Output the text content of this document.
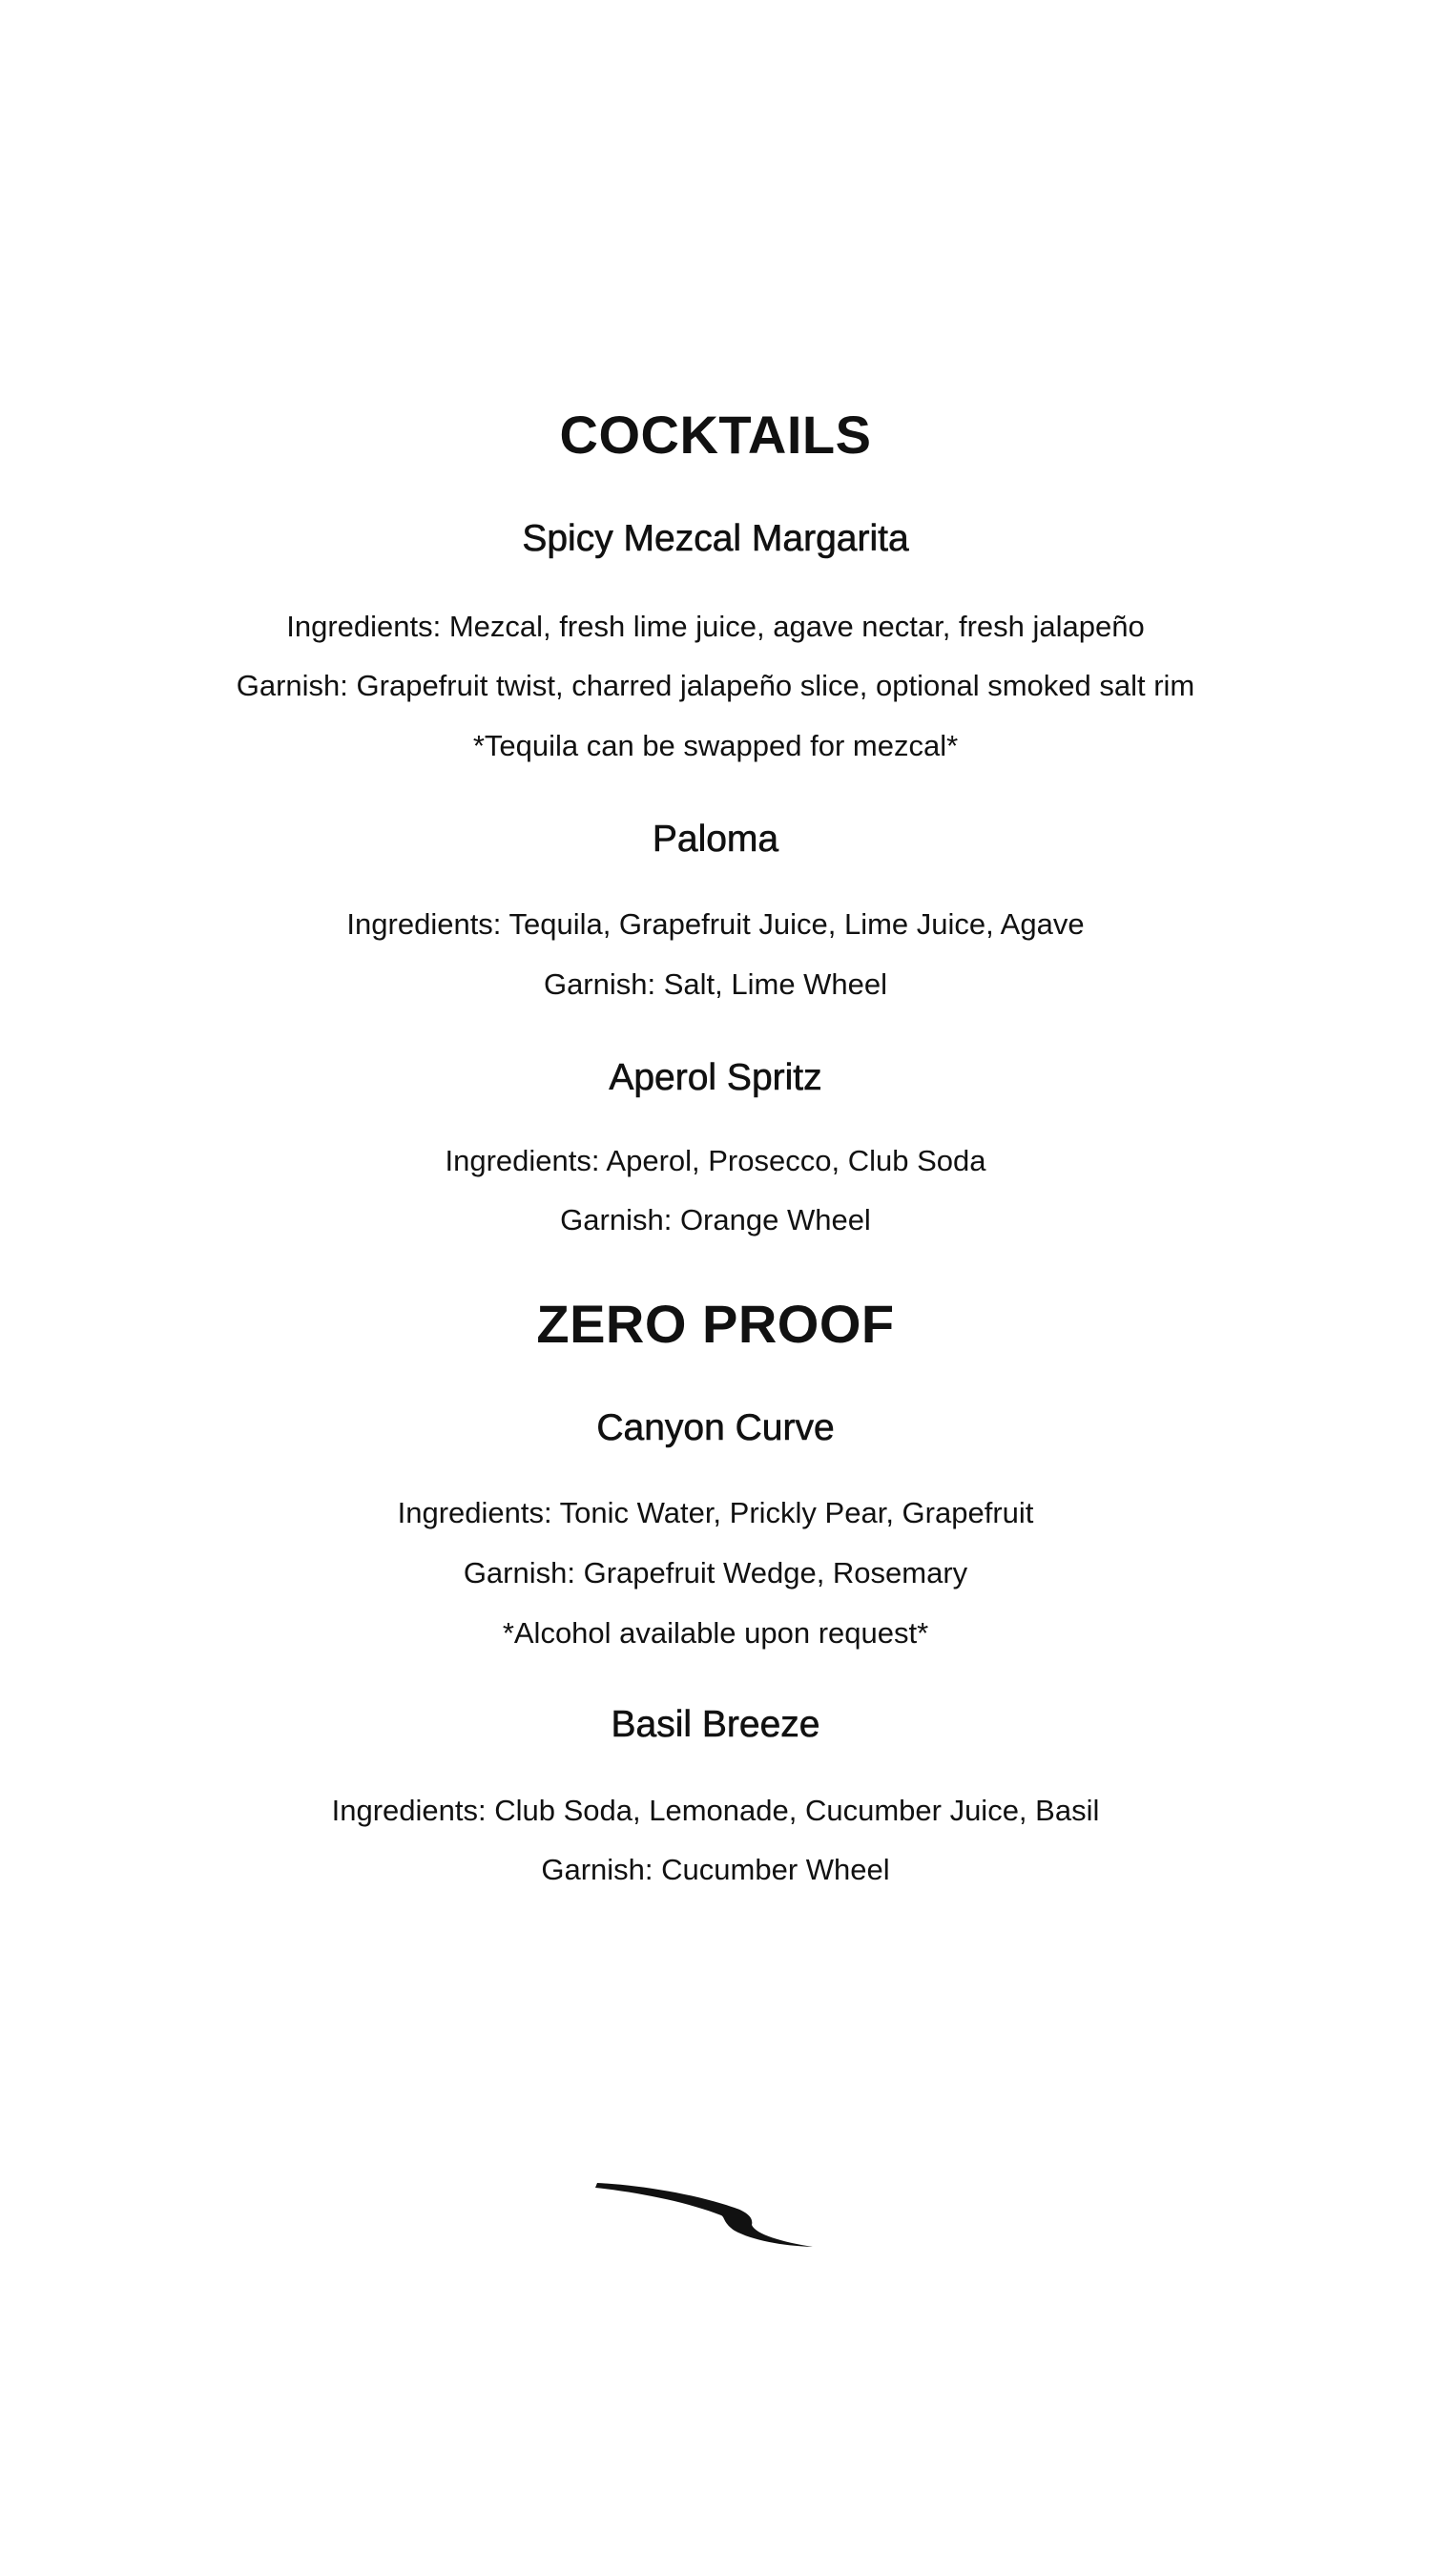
COCKTAILS
Spicy Mezcal Margarita

Ingredients: Mezcal, fresh lime juice, agave nectar, fresh jalapeño

Garnish: Grapefruit twist, charred jalapeño slice, optional smoked salt rim

*Tequila can be swapped for mezcal*

Paloma

Ingredients: Tequila, Grapefruit Juice, Lime Juice, Agave

Garnish: Salt, Lime Wheel

Aperol Spritz

Ingredients: Aperol, Prosecco, Club Soda

Garnish: Orange Wheel

ZERO PROOF
Canyon Curve

Ingredients: Tonic Water, Prickly Pear, Grapefruit

Garnish: Grapefruit Wedge, Rosemary

*Alcohol available upon request*

Basil Breeze

Ingredients: Club Soda, Lemonade, Cucumber Juice, Basil

Garnish: Cucumber Wheel
